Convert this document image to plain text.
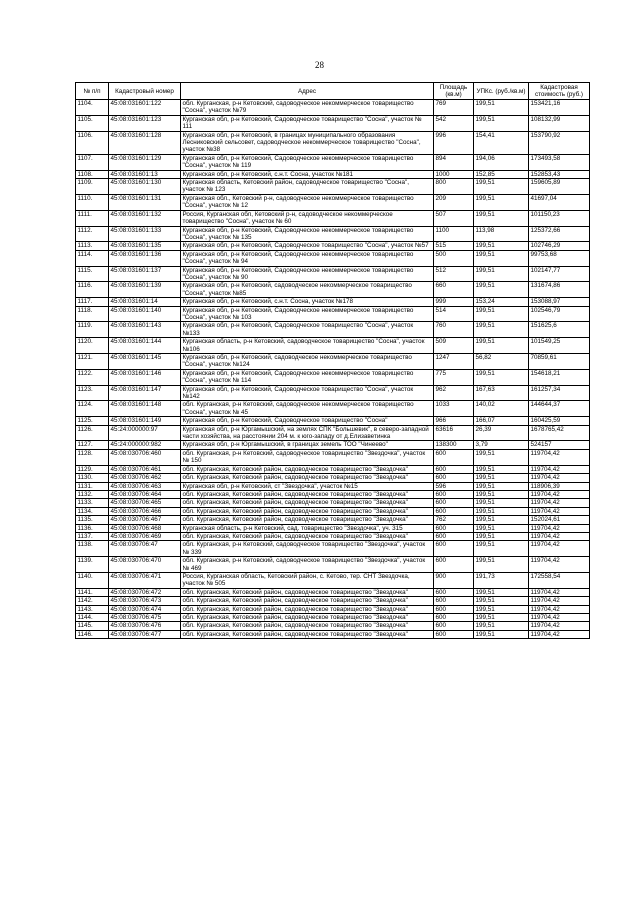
28
№ п/п	Кадастровый номер	Адрес	Площадь (кв.м)	УПКс. (руб./кв.м)	Кадастровая стоимость (руб.)
1104.	45:08:031601:122	обл. Курганская, р-н Кетовский, садоводческое некоммерческое товарищество "Сосна", участок №79	769	199,51	153421,16
1105.	45:08:031601:123	Курганская обл, р-н Кетовский, Садоводческое товарищество "Сосна", участок № 111	542	199,51	108132,99
1106.	45:08:031601:128	Курганская обл, р-н Кетовский, в границах муниципального образования Лесниковский сельсовет, садоводческое некоммерческое товарищество "Сосна", участок №38	996	154,41	153790,92
1107.	45:08:031601:129	Курганская обл, р-н Кетовский, Садоводческое некоммерческое товарищество "Сосна", участок № 119	894	194,06	173493,58
1108.	45:08:031601:13	Курганская обл, р-н Кетовский, с.н.т. Сосна, участок №181	1000	152,85	152853,43
1109.	45:08:031601:130	Курганская область, Кетовский район, садоводческое товарищество "Сосна", участок № 123	800	199,51	159605,89
1110.	45:08:031601:131	Курганская обл., Кетовский р-н, садоводческое некоммерческое товарищество "Сосна", участок № 12	209	199,51	41697,04
1111.	45:08:031601:132	Россия, Курганская обл, Кетовский р-н, садоводческое некоммерческое товарищество "Сосна", участок № 60	507	199,51	101150,23
1112.	45:08:031601:133	Курганская обл, р-н Кетовский, Садоводческое некоммерческое товарищество "Сосна", участок № 135	1100	113,98	125372,66
1113.	45:08:031601:135	Курганская обл, р-н Кетовский, Садоводческое товарищество "Сосна", участок №57	515	199,51	102746,29
1114.	45:08:031601:136	Курганская обл, р-н Кетовский, Садоводческое некоммерческое товарищество "Сосна", участок № 94	500	199,51	99753,68
1115.	45:08:031601:137	Курганская обл, р-н Кетовский, Садоводческое некоммерческое товарищество "Сосна", участок № 90	512	199,51	102147,77
1116.	45:08:031601:139	Курганская обл, р-н Кетовский, садоводческое некоммерческое товарищество "Сосна", участок №85	660	199,51	131674,86
1117.	45:08:031601:14	Курганская обл, р-н Кетовский, с.н.т. Сосна, участок №178	999	153,24	153088,97
1118.	45:08:031601:140	Курганская обл, р-н Кетовский, Садоводческое некоммерческое товарищество "Сосна", участок № 103	514	199,51	102546,79
1119.	45:08:031601:143	Курганская обл, р-н Кетовский, Садоводческое товарищество "Сосна", участок №133	760	199,51	151625,6
1120.	45:08:031601:144	Курганская область, р-н Кетовский, садоводческое товарищество "Сосна", участок №106	509	199,51	101549,25
1121.	45:08:031601:145	Курганская обл, р-н Кетовский, садоводческое некоммерческое товарищество "Сосна", участок №124	1247	56,82	70859,61
1122.	45:08:031601:146	Курганская обл, р-н Кетовский, Садоводческое некоммерческое товарищество "Сосна", участок № 114	775	199,51	154618,21
1123.	45:08:031601:147	Курганская обл, р-н Кетовский, Садоводческое товарищество "Сосна", участок №142	962	167,63	161257,34
1124.	45:08:031601:148	обл. Курганская, р-н Кетовский, садоводческое некоммерческое товарищество "Сосна", участок № 45	1033	140,02	144644,37
1125.	45:08:031601:149	Курганская обл, р-н Кетовский, Садоводческое товарищество "Сосна"	966	166,07	160425,59
1126.	45:24:000000:97	Курганская обл, р-н Юргамышский, на землях СПК "Большевик", в северо-западной части хозяйства, на расстоянии 204 м. к юго-западу от д.Елизаветинка	63616	26,39	1678765,42
1127.	45:24:000000:982	Курганская обл, р-н Юргамышский, в границах земель ТОО "Чинеево"	138300	3,79	524157
1128.	45:08:030706:460	обл. Курганская, р-н Кетовский, садоводческое товарищество "Звездочка", участок № 150	600	199,51	119704,42
1129.	45:08:030706:461	обл. Курганская, Кетовский район, садоводческое товарищество "Звездочка"	600	199,51	119704,42
1130.	45:08:030706:462	обл. Курганская, Кетовский район, садоводческое товарищество "Звездочка"	600	199,51	119704,42
1131.	45:08:030706:463	Курганская обл, р-н Кетовский, ст "Звездочка", участок №15	596	199,51	118906,39
1132.	45:08:030706:464	обл. Курганская, Кетовский район, садоводческое товарищество "Звездочка"	600	199,51	119704,42
1133.	45:08:030706:465	обл. Курганская, Кетовский район, садоводческое товарищество "Звездочка"	600	199,51	119704,42
1134.	45:08:030706:466	обл. Курганская, Кетовский район, садоводческое товарищество "Звездочка"	600	199,51	119704,42
1135.	45:08:030706:467	обл. Курганская, Кетовский район, садоводческое товарищество "Звездочка"	762	199,51	152024,61
1136.	45:08:030706:468	Курганская область, р-н Кетовский, сад. товарищество "Звездочка", уч. 315	600	199,51	119704,42
1137.	45:08:030706:469	обл. Курганская, Кетовский район, садоводческое товарищество "Звездочка"	600	199,51	119704,42
1138.	45:08:030706:47	обл. Курганская, р-н Кетовский, садоводческое товарищество "Звездочка", участок № 339	600	199,51	119704,42
1139.	45:08:030706:470	обл. Курганская, р-н Кетовский, садоводческое товарищество "Звездочка", участок № 469	600	199,51	119704,42
1140.	45:08:030706:471	Россия, Курганская область, Кетовский район, с. Кетово, тер. СНТ Звездочка, участок № 505	900	191,73	172558,54
1141.	45:08:030706:472	обл. Курганская, Кетовский район, садоводческое товарищество "Звездочка"	600	199,51	119704,42
1142.	45:08:030706:473	обл. Курганская, Кетовский район, садоводческое товарищество "Звездочка"	600	199,51	119704,42
1143.	45:08:030706:474	обл. Курганская, Кетовский район, садоводческое товарищество "Звездочка"	600	199,51	119704,42
1144.	45:08:030706:475	обл. Курганская, Кетовский район, садоводческое товарищество "Звездочка"	600	199,51	119704,42
1145.	45:08:030706:476	обл. Курганская, Кетовский район, садоводческое товарищество "Звездочка"	600	199,51	119704,42
1146.	45:08:030706:477	обл. Курганская, Кетовский район, садоводческое товарищество "Звездочка"	600	199,51	119704,42
